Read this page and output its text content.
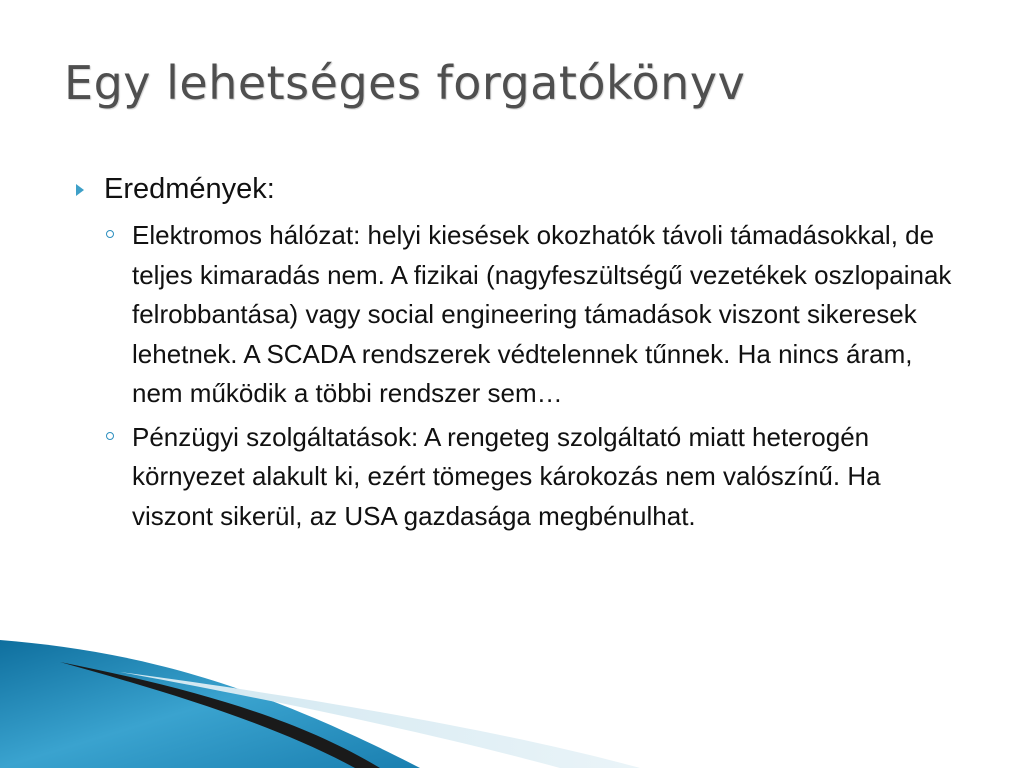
Egy lehetséges forgatókönyv
Eredmények:
Elektromos hálózat: helyi kiesések okozhatók távoli támadásokkal, de teljes kimaradás nem. A fizikai (nagyfeszültségű vezetékek oszlopainak felrobbantása) vagy social engineering támadások viszont sikeresek lehetnek. A SCADA rendszerek védtelennek tűnnek. Ha nincs áram, nem működik a többi rendszer sem…
Pénzügyi szolgáltatások: A rengeteg szolgáltató miatt heterogén környezet alakult ki, ezért tömeges károkozás nem valószínű. Ha viszont sikerül, az USA gazdasága megbénulhat.
